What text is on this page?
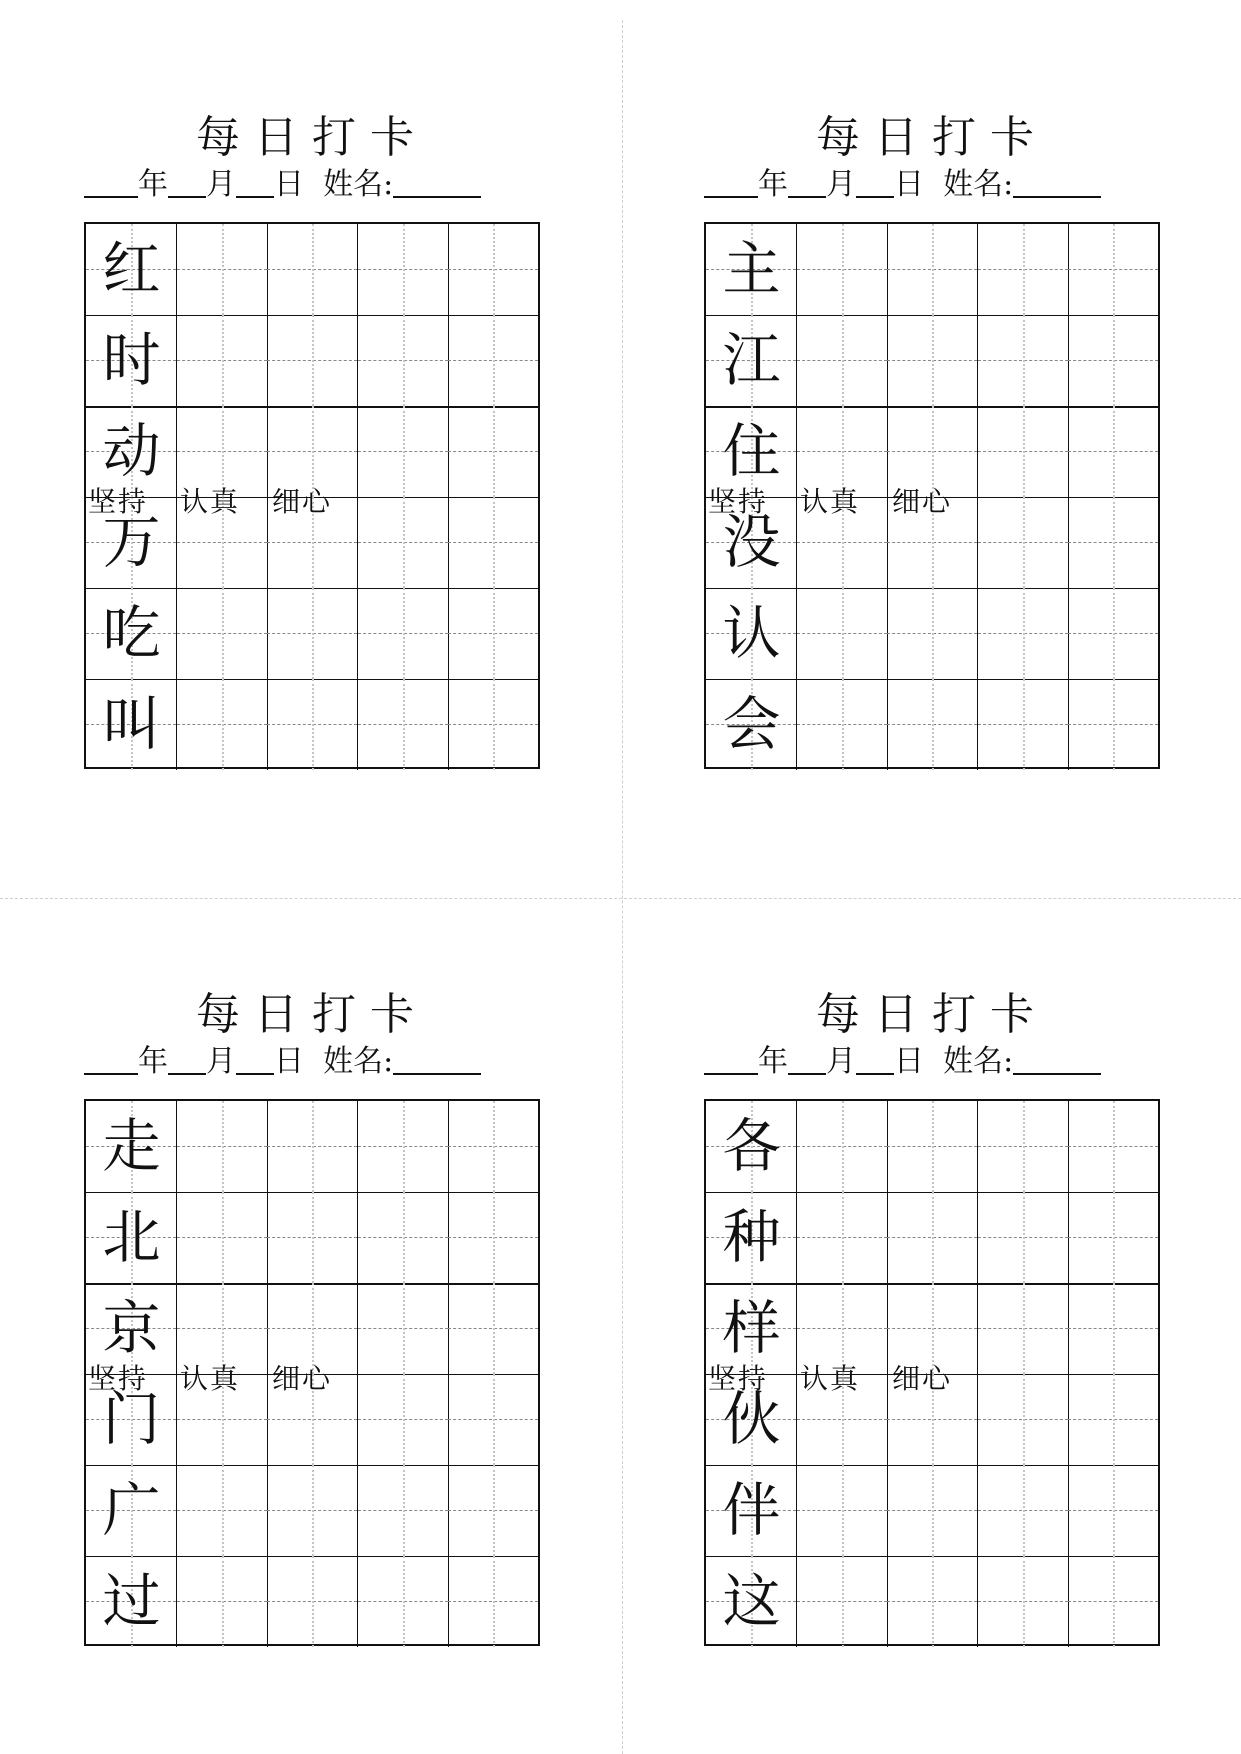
每日打卡
年 月 日 姓名:
红
时
动
万
吃
叫
坚持 认真 细心
每日打卡
年 月 日 姓名:
主
江
住
没
认
会
坚持 认真 细心
每日打卡
年 月 日 姓名:
走
北
京
门
广
过
坚持 认真 细心
每日打卡
年 月 日 姓名:
各
种
样
伙
伴
这
坚持 认真 细心
